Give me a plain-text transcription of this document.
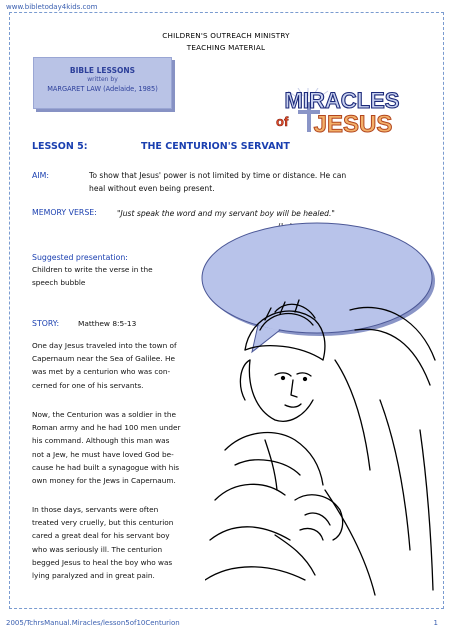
www.bibletoday4kids.com
CHILDREN'S OUTREACH MINISTRY
TEACHING MATERIAL
BIBLE LESSONS
written by
MARGARET LAW (Adelaide, 1985)	MIRACLES
of JESUS
LESSON 5:	THE CENTURION'S SERVANT
AIM:	To show that Jesus' power is not limited by time or distance. He can
heal without even being present.
MEMORY VERSE:	"Just speak the word and my servant boy will be healed."
Suggested presentation:
Children to write the verse in the
speech bubble
STORY:	Matthew 8:5-13
One day Jesus traveled into the town of
Capernaum near the Sea of Galilee. He
was met by a centurion who was con-
cerned for one of his servants.
Now, the Centurion was a soldier in the
Roman army and he had 100 men under
his command. Although this man was
not a Jew, he must have loved God be-
cause he had built a synagogue with his
own money for the Jews in Capernaum.
In those days, servants were often
treated very cruelly, but this centurion
cared a great deal for his servant boy
who was seriously ill. The centurion
begged Jesus to heal the boy who was
lying paralyzed and in great pain.
2005/TchrsManual.Miracles/lesson5of10Centurion	1
